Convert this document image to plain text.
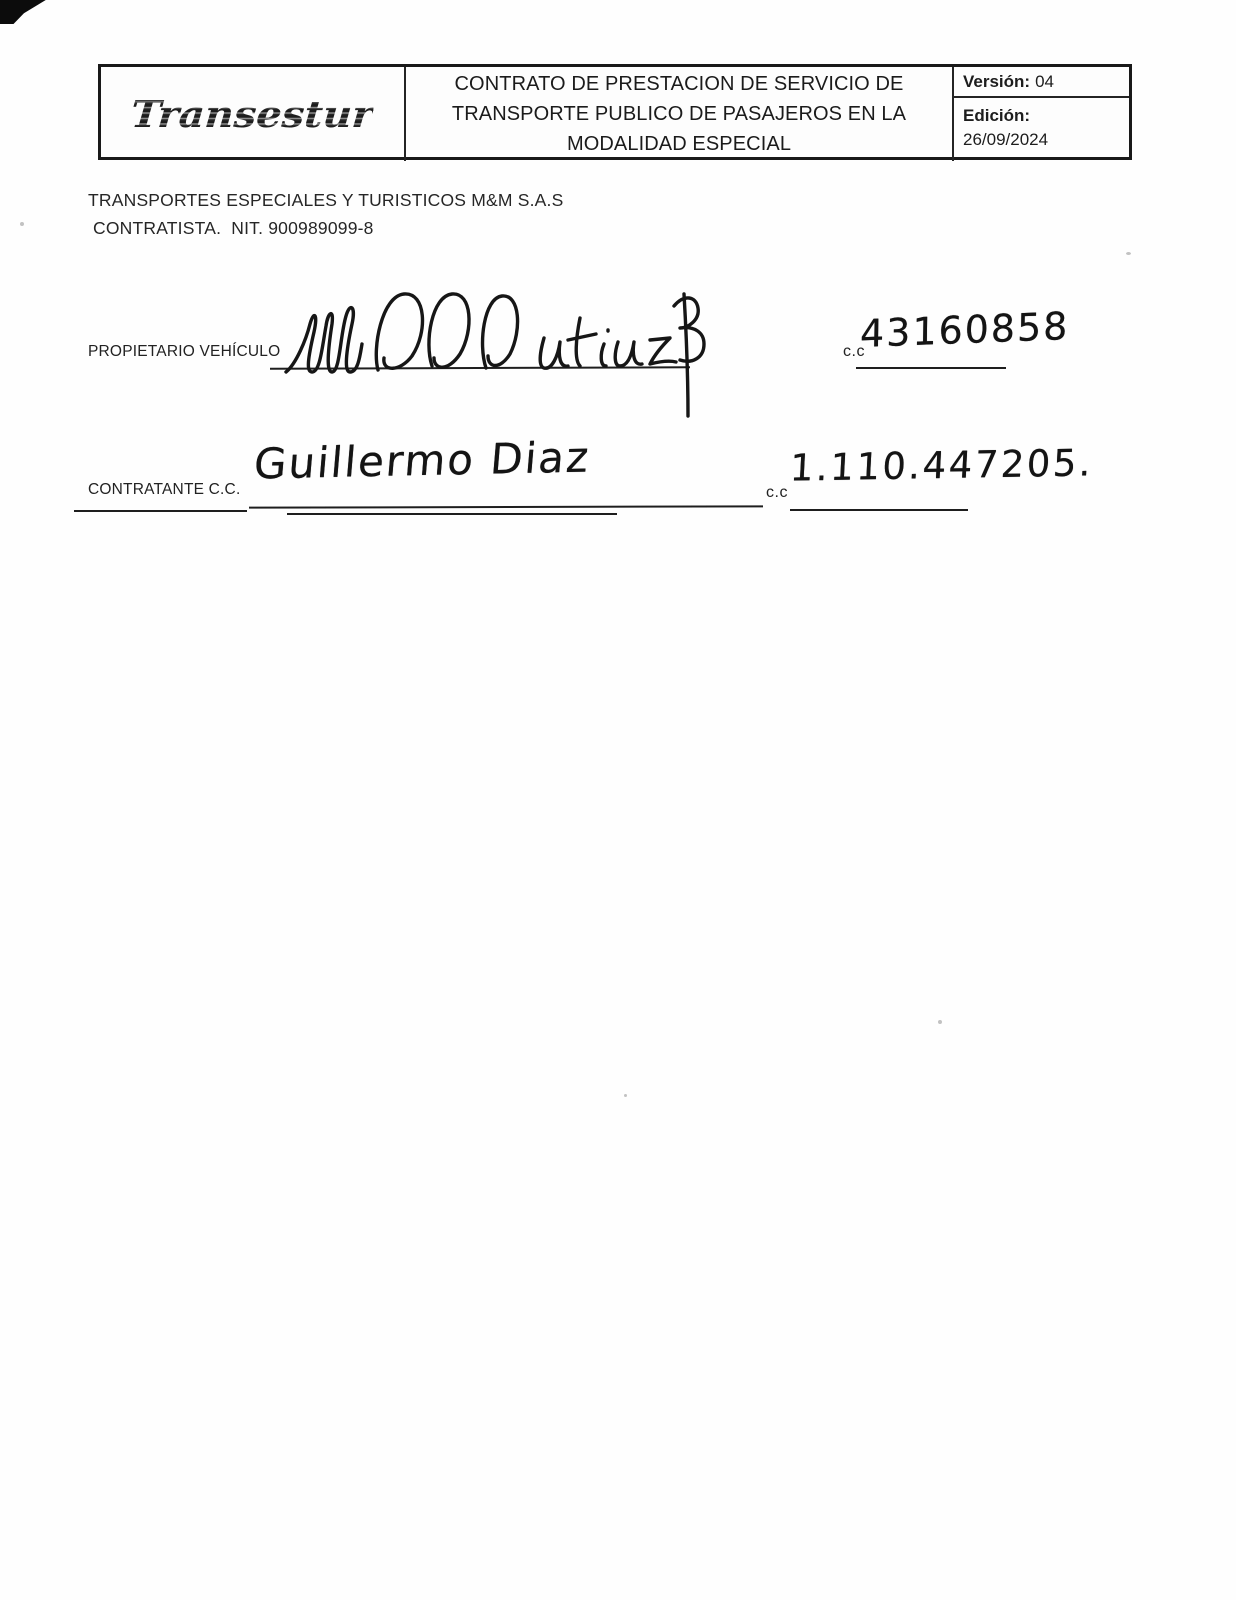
Transestur
CONTRATO DE PRESTACION DE SERVICIO DE
TRANSPORTE PUBLICO DE PASAJEROS EN LA
MODALIDAD ESPECIAL
Versión: 04
Edición:
26/09/2024
TRANSPORTES ESPECIALES Y TURISTICOS M&M S.A.S
CONTRATISTA.  NIT. 900989099-8
PROPIETARIO VEHÍCULO	c.c
43160858
CONTRATANTE C.C.
Guillermo Diaz
c.c
1.110.447205.
